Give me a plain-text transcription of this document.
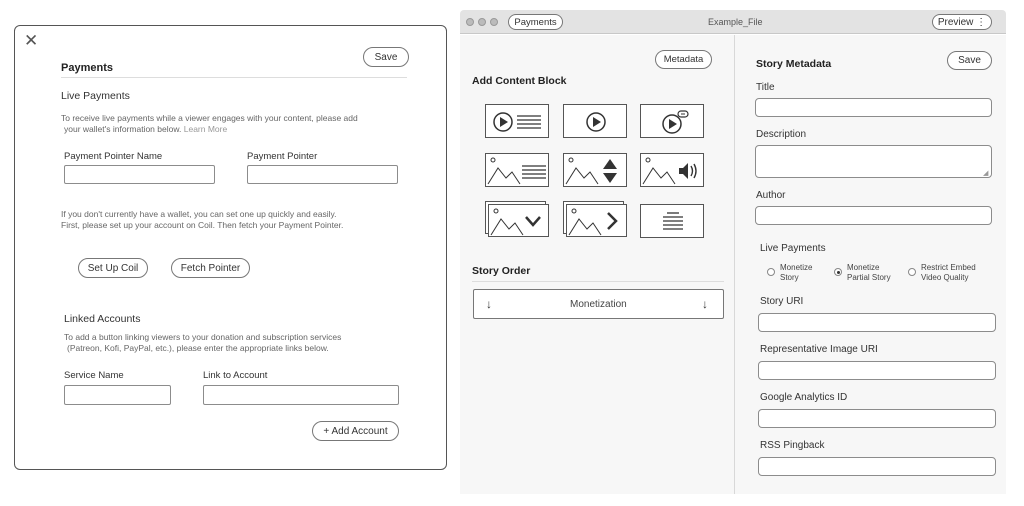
✕
Payments
Save
Live Payments
To receive live payments while a viewer engages with your content, please add
your wallet's information below. Learn More
Payment Pointer Name	Payment Pointer
If you don't currently have a wallet, you can set one up quickly and easily.
First, please set up your account on Coil. Then fetch your Payment Pointer.
Set Up Coil	Fetch Pointer
Linked Accounts
To add a button linking viewers to your donation and subscription services
(Patreon, Kofi, PayPal, etc.), please enter the appropriate links below.
Service Name	Link to Account
+ Add Account
Payments	Example_File	Preview ⋮
Metadata
Add Content Block
Story Order
↓	Monetization	↓
Story Metadata	Save
Title
Description
◢
Author
Live Payments
Monetize
Story
Monetize
Partial Story
Restrict Embed
Video Quality
Story URI
Representative Image URI
Google Analytics ID
RSS Pingback
